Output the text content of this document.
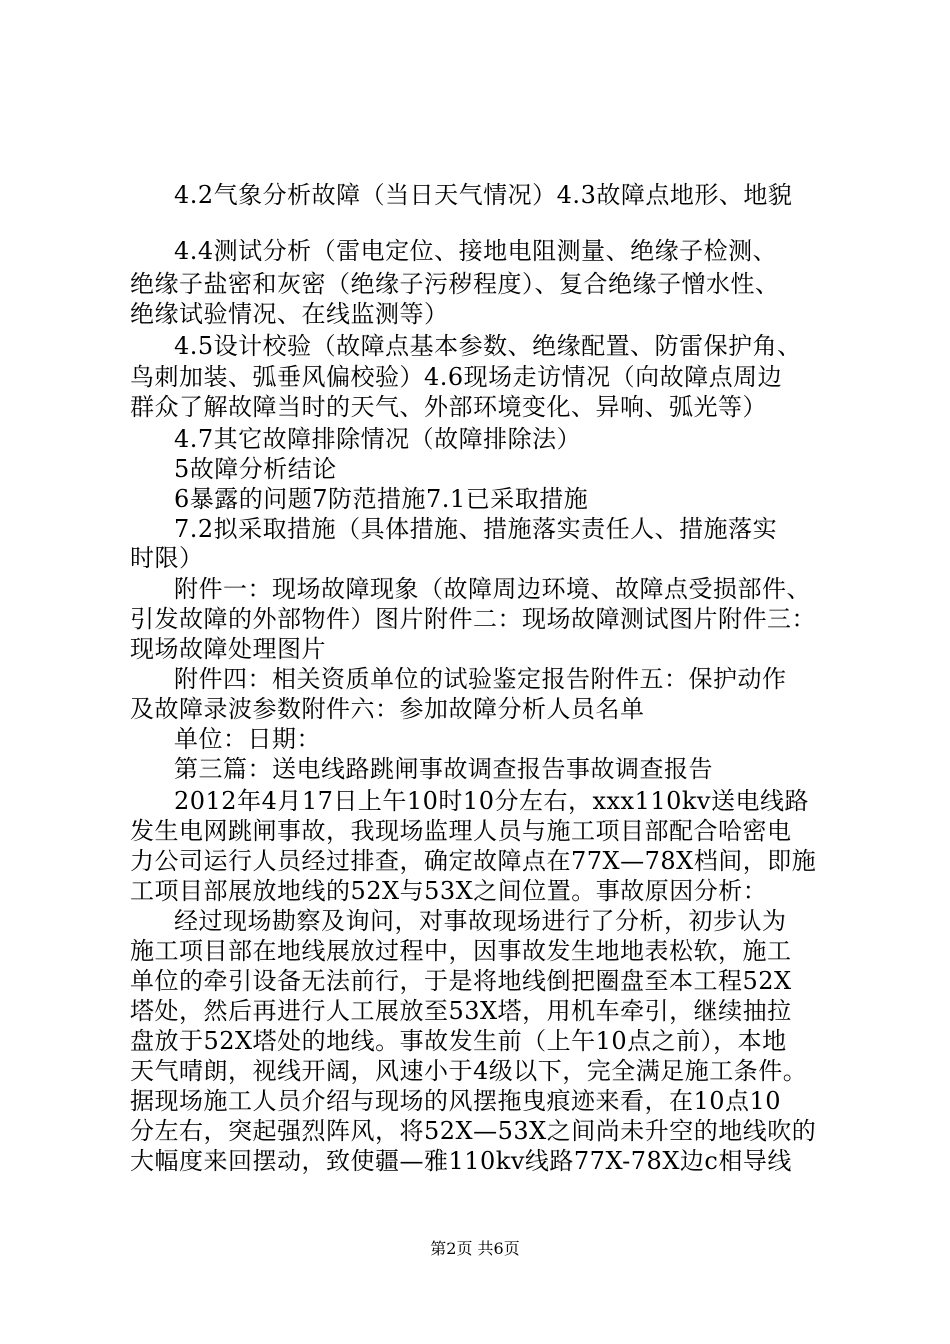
4.2气象分析故障（当日天气情况）4.3故障点地形、地貌
4.4测试分析（雷电定位、接地电阻测量、绝缘子检测、
绝缘子盐密和灰密（绝缘子污秽程度）、复合绝缘子憎水性、
绝缘试验情况、在线监测等）
4.5设计校验（故障点基本参数、绝缘配置、防雷保护角、
鸟刺加装、弧垂风偏校验）4.6现场走访情况（向故障点周边
群众了解故障当时的天气、外部环境变化、异响、弧光等）
4.7其它故障排除情况（故障排除法）
5故障分析结论
6暴露的问题7防范措施7.1已采取措施
7.2拟采取措施（具体措施、措施落实责任人、措施落实
时限）
附件一：现场故障现象（故障周边环境、故障点受损部件、
引发故障的外部物件）图片附件二：现场故障测试图片附件三：
现场故障处理图片
附件四：相关资质单位的试验鉴定报告附件五：保护动作
及故障录波参数附件六：参加故障分析人员名单
单位：日期：
第三篇：送电线路跳闸事故调查报告事故调查报告
2012年4月17日上午10时10分左右，xxx110kv送电线路
发生电网跳闸事故，我现场监理人员与施工项目部配合哈密电
力公司运行人员经过排查，确定故障点在77X—78X档间，即施
工项目部展放地线的52X与53X之间位置。事故原因分析：
经过现场勘察及询问，对事故现场进行了分析，初步认为
施工项目部在地线展放过程中，因事故发生地地表松软，施工
单位的牵引设备无法前行，于是将地线倒把圈盘至本工程52X
塔处，然后再进行人工展放至53X塔，用机车牵引，继续抽拉
盘放于52X塔处的地线。事故发生前（上午10点之前），本地
天气晴朗，视线开阔，风速小于4级以下，完全满足施工条件。
据现场施工人员介绍与现场的风摆拖曳痕迹来看，在10点10
分左右，突起强烈阵风，将52X—53X之间尚未升空的地线吹的
大幅度来回摆动，致使疆—雅110kv线路77X-78X边c相导线
第2页 共6页
